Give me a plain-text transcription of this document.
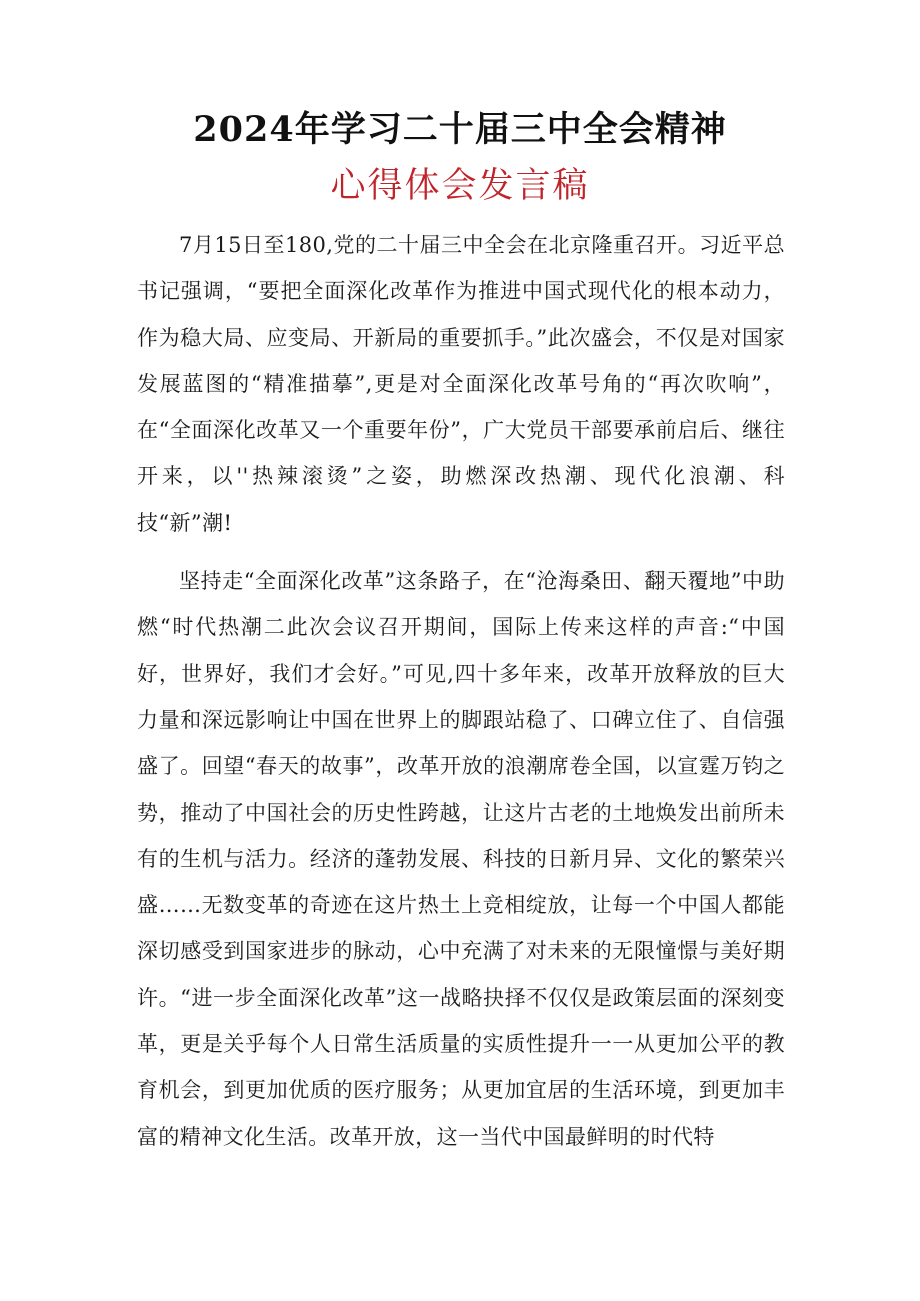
2024年学习二十届三中全会精神
心得体会发言稿

7月15日至180,党的二十届三中全会在北京隆重召开。习近平总书记强调，“要把全面深化改革作为推进中国式现代化的根本动力，作为稳大局、应变局、开新局的重要抓手。”此次盛会，不仅是对国家发展蓝图的“精准描摹”,更是对全面深化改革号角的“再次吹响”，在“全面深化改革又一个重要年份”，广大党员干部要承前启后、继往开来，以''热辣滚烫”之姿，助燃深改热潮、现代化浪潮、科技“新”潮!

坚持走“全面深化改革”这条路子，在“沧海桑田、翻天覆地”中助燃“时代热潮二此次会议召开期间，国际上传来这样的声音:“中国好，世界好，我们才会好。”可见,四十多年来，改革开放释放的巨大力量和深远影响让中国在世界上的脚跟站稳了、口碑立住了、自信强盛了。回望“春天的故事”，改革开放的浪潮席卷全国，以宣霆万钧之势，推动了中国社会的历史性跨越，让这片古老的土地焕发出前所未有的生机与活力。经济的蓬勃发展、科技的日新月异、文化的繁荣兴盛……无数变革的奇迹在这片热土上竞相绽放，让每一个中国人都能深切感受到国家进步的脉动，心中充满了对未来的无限憧憬与美好期许。“进一步全面深化改革”这一战略抉择不仅仅是政策层面的深刻变革，更是关乎每个人日常生活质量的实质性提升一一从更加公平的教育机会，到更加优质的医疗服务；从更加宜居的生活环境，到更加丰富的精神文化生活。改革开放，这一当代中国最鲜明的时代特
